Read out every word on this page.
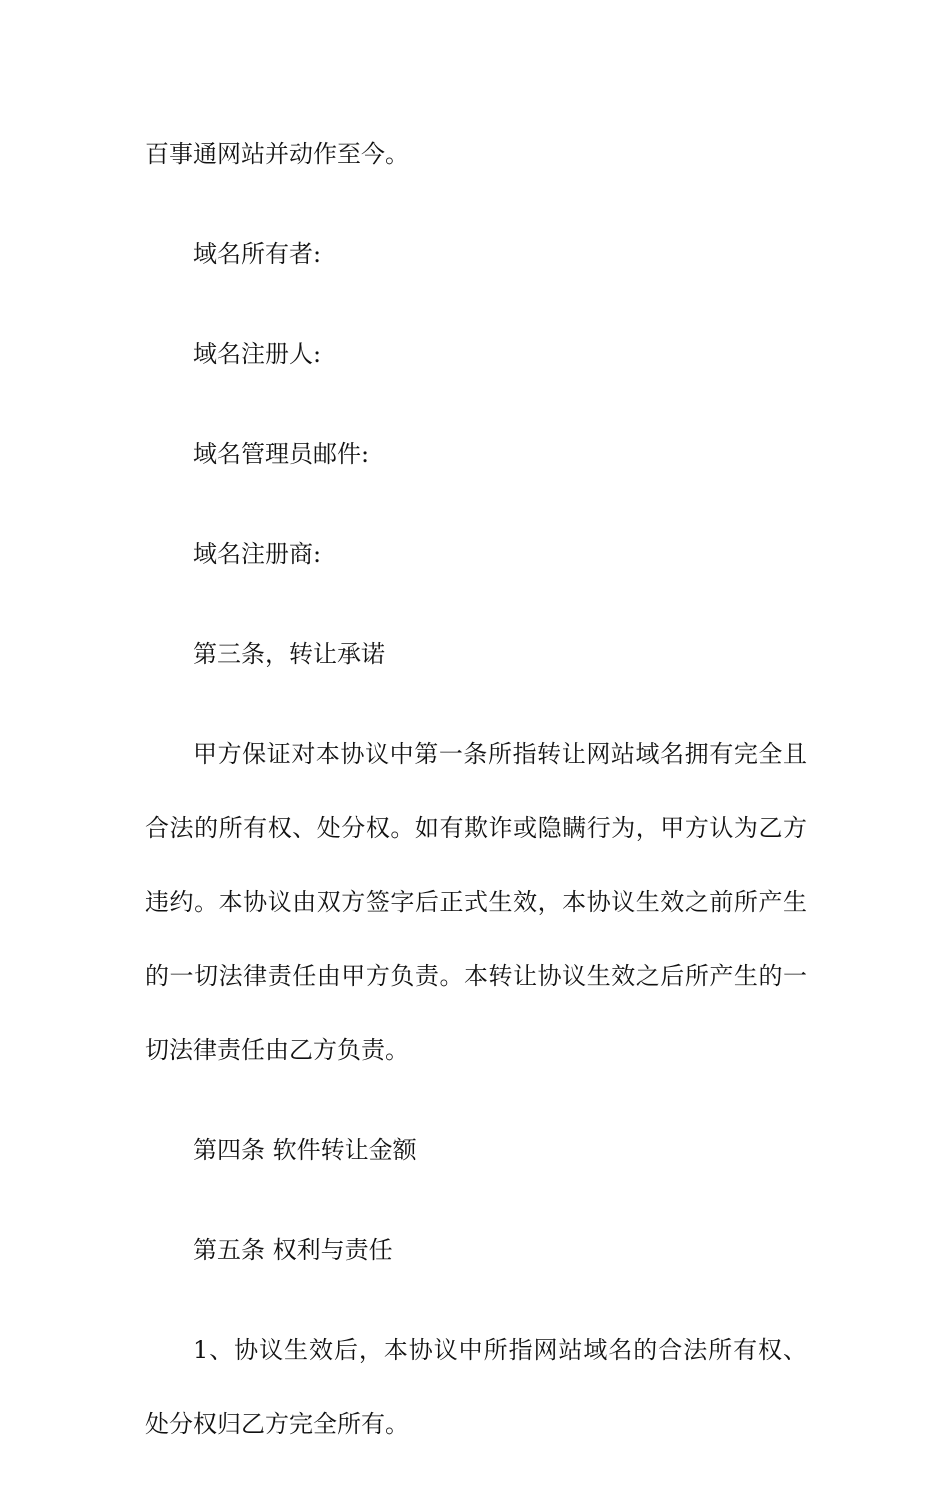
百事通网站并动作至今。

域名所有者:

域名注册人:

域名管理员邮件:

域名注册商:

第三条，转让承诺

甲方保证对本协议中第一条所指转让网站域名拥有完全且合法的所有权、处分权。如有欺诈或隐瞒行为，甲方认为乙方违约。本协议由双方签字后正式生效，本协议生效之前所产生的一切法律责任由甲方负责。本转让协议生效之后所产生的一切法律责任由乙方负责。

第四条 软件转让金额

第五条 权利与责任

1、协议生效后，本协议中所指网站域名的合法所有权、处分权归乙方完全所有。
